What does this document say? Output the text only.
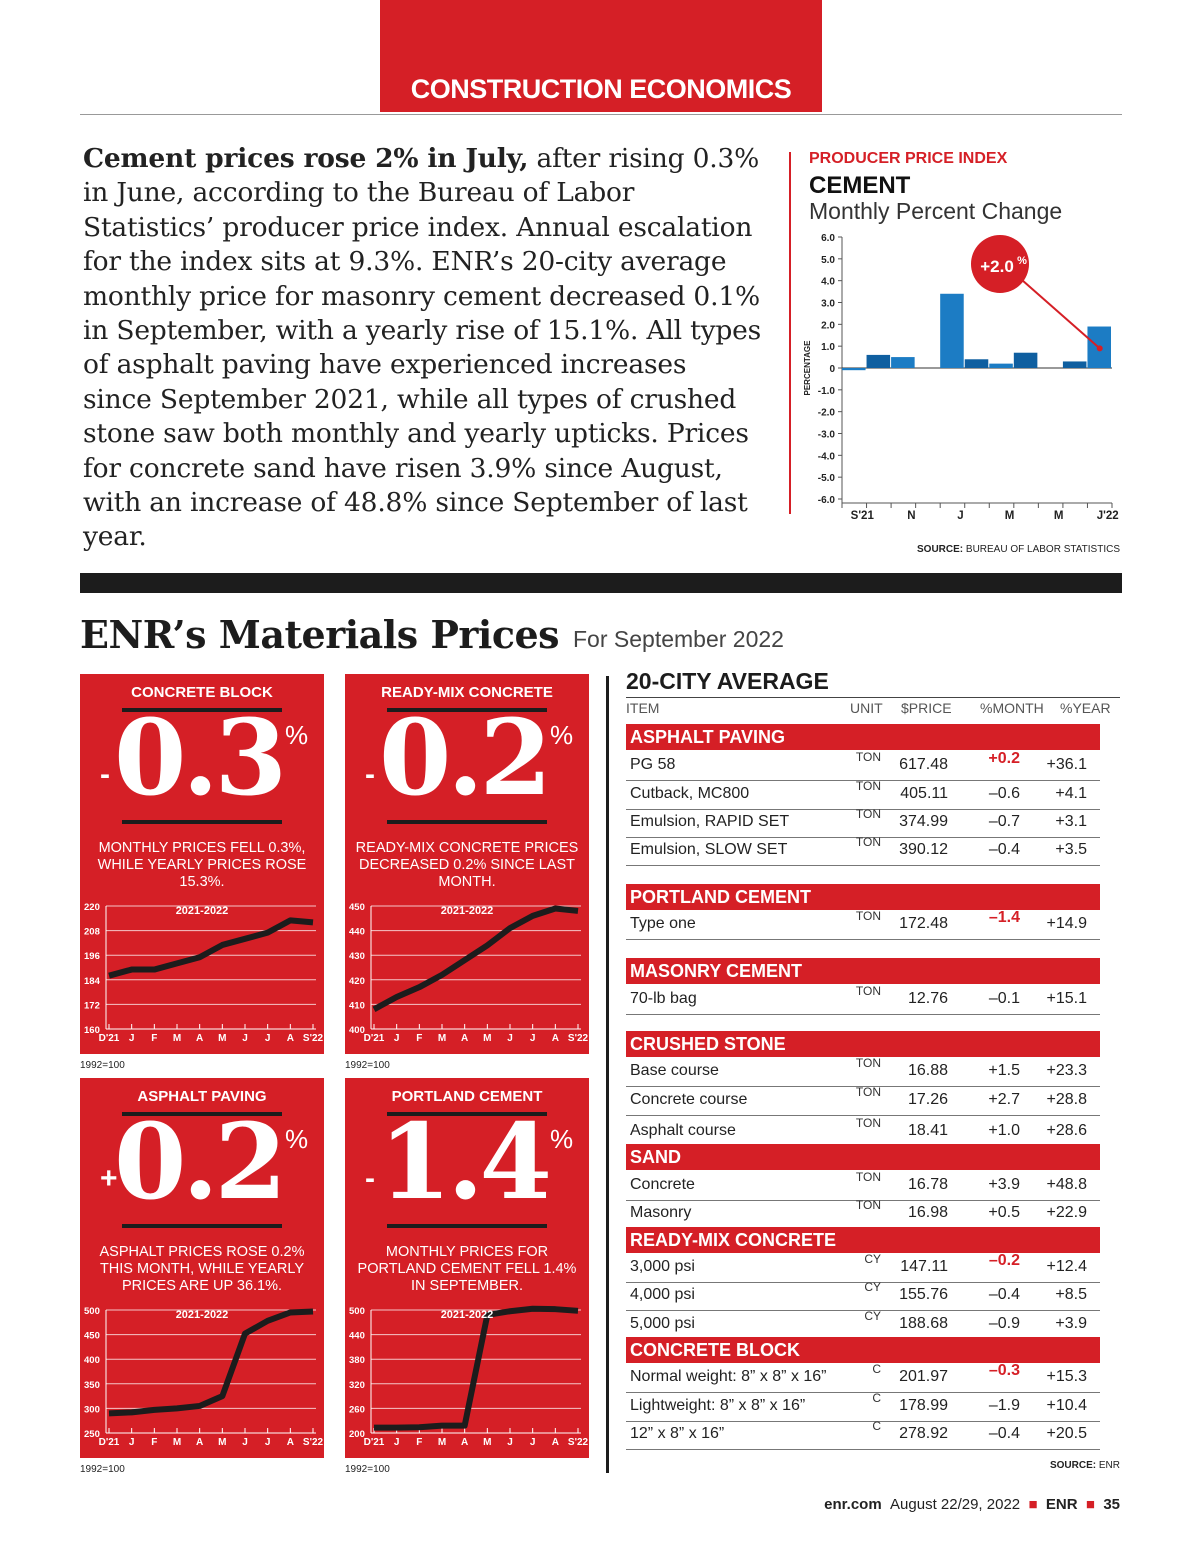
CONSTRUCTION ECONOMICS
Cement prices rose 2% in July, after rising 0.3% in June, according to the Bureau of Labor Statistics’ producer price index. Annual escalation for the index sits at 9.3%. ENR’s 20-city average monthly price for masonry cement decreased 0.1% in September, with a yearly rise of 15.1%. All types of asphalt paving have experienced increases since September 2021, while all types of crushed stone saw both monthly and yearly upticks. Prices for concrete sand have risen 3.9% since August, with an increase of 48.8% since September of last year.
PRODUCER PRICE INDEX
CEMENT
Monthly Percent Change
6.0
5.0
4.0
3.0
2.0
1.0
0
-1.0
-2.0
-3.0
-4.0
-5.0
-6.0
PERCENTAGE
S'21	N	J	M	M	J'22
+2.0 %
SOURCE: BUREAU OF LABOR STATISTICS
ENR’s Materials Prices For September 2022
CONCRETE BLOCK
- 0.3 %
MONTHLY PRICES FELL 0.3%, WHILE YEARLY PRICES ROSE 15.3%.
160
172
184
196
208
220
D'21 J F M A M J J A S'22
2021-2022
1992=100
READY-MIX CONCRETE
- 0.2 %
READY-MIX CONCRETE PRICES DECREASED 0.2% SINCE LAST MONTH.
400
410
420
430
440
450
D'21 J F M A M J J A S'22
2021-2022
1992=100
ASPHALT PAVING
+
0.2 %
ASPHALT PRICES ROSE 0.2% THIS MONTH, WHILE YEARLY PRICES ARE UP 36.1%.
250
300
350
400
450
500
D'21 J F M A M J J A S'22
2021-2022
1992=100
PORTLAND CEMENT
- 1.4 %
MONTHLY PRICES FOR PORTLAND CEMENT FELL 1.4% IN SEPTEMBER.
200
260
320
380
440
500
D'21 J F M A M J J A S'22
2021-2022
1992=100
20-CITY AVERAGE
ITEM	UNIT $PRICE %MONTH %YEAR
ASPHALT PAVING
PG 58	TON	617.48	+0.2	+36.1
Cutback, MC800	TON	405.11	–0.6	+4.1
Emulsion, RAPID SET	TON	374.99	–0.7	+3.1
Emulsion, SLOW SET	TON	390.12	–0.4	+3.5
PORTLAND CEMENT
Type one	TON	172.48	–1.4	+14.9
MASONRY CEMENT
70-lb bag	TON	12.76	–0.1	+15.1
CRUSHED STONE
Base course	TON	16.88	+1.5	+23.3
Concrete course	TON	17.26	+2.7	+28.8
Asphalt course	TON	18.41	+1.0	+28.6
SAND
Concrete	TON	16.78	+3.9	+48.8
Masonry	TON	16.98	+0.5	+22.9
READY-MIX CONCRETE
3,000 psi	CY	147.11	–0.2	+12.4
4,000 psi	CY	155.76	–0.4	+8.5
5,000 psi	CY	188.68	–0.9	+3.9
CONCRETE BLOCK
Normal weight: 8” x 8” x 16”	C	201.97	–0.3	+15.3
Lightweight: 8” x 8” x 16”	C	178.99	–1.9	+10.4
12” x 8” x 16”	C	278.92	–0.4	+20.5
SOURCE: ENR
enr.com August 22/29, 2022 ■ ENR ■ 35
